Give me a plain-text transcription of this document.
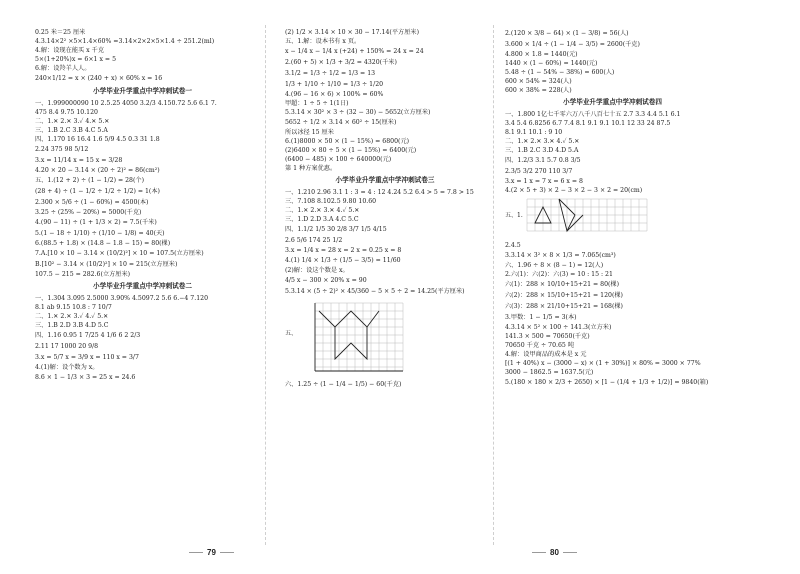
0.25 米＝25 厘米
4.3.14×2² ×5×1.4×60% =3.14×2×2×5×1.4 ÷ 251.2(ml)
4.解：设现在能买 x 千克
5×(1+20%)x = 6×1 x = 5
6.解：设羚羊人人。
240×1/12 = x × (240 + x) × 60% x = 16
小学毕业升学重点中学冲刺试卷一
一、1.999000090 10 2.5.25 4050 3.2/3 4.150.72 5.6 6.1 7.
475 8.4 9.75 10.120
二、1.✕ 2.✕ 3.✓ 4.✕ 5.✕
三、1.B 2.C 3.B 4.C 5.A
四、1.170 16 16.4 1.6 5/9 4.5 0.3 31 1.8
2.24 375 98 5/12
3.x = 11/14 x = 15 x = 3/28
4.20 × 20 − 3.14 × (20 ÷ 2)² = 86(cm²)
五、1.(12 + 2) ÷ (1 − 1/2) = 28(个)
(28 + 4) ÷ (1 − 1/2 ÷ 1/2 ÷ 1/2) = 1(本)
2.300 × 5/6 ÷ (1 − 60%) = 4500(本)
3.25 ÷ (25% − 20%) = 5000(千克)
4.(90 − 11) ÷ (1 + 1/3 × 2) = 7.5(千米)
5.(1 − 18 ÷ 1/10) ÷ (1/10 − 1/8) = 40(天)
6.(88.5 + 1.8) × (14.8 − 1.8 − 15) = 80(棵)
7.A.[10 × 10 − 3.14 × (10/2)²] × 10 = 107.5(立方厘米)
B.[10² − 3.14 × (10/2)²] × 10 = 215(立方厘米)
107.5 − 215 = 282.6(立方厘米)
小学毕业升学重点中学冲刺试卷二
一、1.304 3.095 2.5000 3.90% 4.5097.2 5.6 6.−4 7.120
8.1 ab 9.15 10.8 : 7 10/7
二、1.✕ 2.✕ 3.✓ 4.✓ 5.✕
三、1.B 2.D 3.B 4.D 5.C
四、1.16 0.95 1 7/25 4 1/6 6 2 2/3
2.11 17 1000 20 9/8
3.x = 5/7 x = 3/9 x = 110 x = 3/7
4.(1)解：设个数为 x。
8.6 × 1 − 1/3 × 3 = 25 x = 24.6
(2) 1/2 × 3.14 × 10 × 30 − 17.14(平方厘米)
五、1.解：设本书有 x 页。
x − 1/4 x − 1/4 x (+24) + 150% = 24 x = 24
2.(60 + 5) × 1/3 + 3/2 = 4320(千米)
3.1/2 = 1/3 ÷ 1/2 = 1/3 = 13
1/3 + 1/10 ÷ 1/10 = 1/3 ÷ 1/20
4.(96 − 16 × 6) × 100% = 60%
甲超：1 ÷ 5 ÷ 1(1日)
5.3.14 × 30² × 3 ÷ (32 − 30) − 5652(立方厘米)
5652 ÷ 1/2 × 3.14 × 60² ÷ 15(厘米)
所以冰径 15 厘米
6.(1)8000 × 50 × (1 − 15%) = 6800(元)
(2)6400 × 80 ÷ 5 × (1 − 15%) = 6400(元)
(6400 − 485) × 100 ÷ 640000(元)
第 1 种方案优惠。
小学毕业升学重点中学冲刺试卷三
一、1.210 2.96 3.1 1 : 3 = 4 : 12 4.24 5.2 6.4 > 5 = 7.8 > 15
三、7.108 8.102.5 9.80 10.60
二、1.✕ 2.✕ 3.✕ 4.✓ 5.✕
三、1.D 2.D 3.A 4.C 5.C
四、1.1/2 1/5 30 2/8 3/7 1/5 4/15
2.6 5/6 174 25 1/2
3.x = 1/4 x = 28 x = 2 x = 0.25 x = 8
4.(1) 1/4 × 1/3 ÷ (1/5 − 3/5) = 11/60
(2)解：设这个数是 x。
4/5 x − 300 × 20% x = 90
5.3.14 × (5 ÷ 2)² × 45/360 − 5 × 5 ÷ 2 = 14.25(平方厘米)
五、
六、1.25 ÷ (1 − 1/4 − 1/5) − 60(千克)
2.(120 × 3/8 − 64) × (1 − 3/8) = 56(人)
3.600 × 1/4 ÷ (1 − 1/4 − 3/5) = 2600(千克)
4.800 × 1.8 = 1440(元)
1440 × (1 − 60%) = 1440(元)
5.48 ÷ (1 − 54% − 38%) = 600(人)
600 × 54% = 324(人)
600 × 38% = 228(人)
小学毕业升学重点中学冲刺试卷四
一、1.800 1亿七千零六万八千八百七十五 2.7 3.3 4.4 5.1 6.1
3.4 5.4 6.8256 6.7 7.4 8.1 9.1 9.1 10.1 12 33 24 87.5
8.1 9.1 10.1 : 9 10
二、1.✕ 2.✕ 3.✕ 4.✓ 5.✕
三、1.B 2.C 3.D 4.D 5.A
四、1.2/3 3.1 5.7 0.8 3/5
2.3/5 3/2 270 110 3/7
3.x = 1 x = 7 x = 6 x = 8
4.(2 × 5 + 3) × 2 − 3 × 2 − 3 × 2 = 20(cm)
五、1.
2.4.5
3.3.14 × 3² × 8 × 1/3 = 7.065(cm³)
六、1.96 ÷ 8 × (8 − 1) = 12(人)
2.六(1)：六(2)：六(3) = 10 : 15 : 21
六(1)：288 × 10/10+15+21 = 80(棵)
六(2)：288 × 15/10+15+21 = 120(棵)
六(3)：288 × 21/10+15+21 = 168(棵)
3.甲数：1 − 1/5 = 3(本)
4.3.14 × 5² × 100 ÷ 141.3(立方米)
141.3 × 500 = 70650(千克)
70650 千克 ÷ 70.65 吨
4.解：设甲商品的成本是 x 元
[(1 + 40%) x − (3000 − x) × (1 + 30%)] × 80% = 3000 × 77%
3000 − 1862.5 = 1637.5(元)
5.(180 × 180 × 2/3 + 2650) × [1 − (1/4 + 1/3 + 1/2)] = 9840(箱)
79	80
